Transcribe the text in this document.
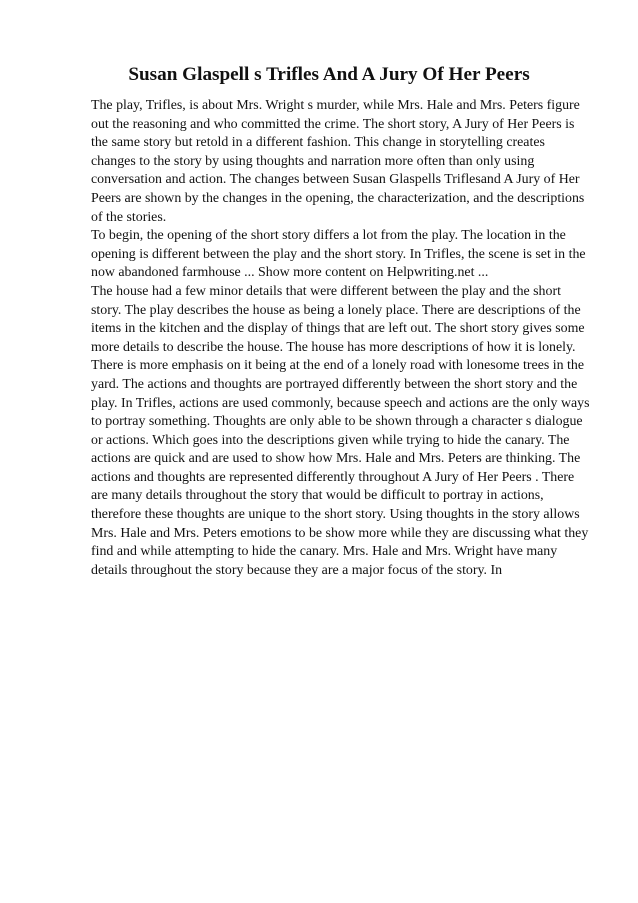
Susan Glaspell s Trifles And A Jury Of Her Peers

The play, Trifles, is about Mrs. Wright s murder, while Mrs. Hale and Mrs. Peters figure out the reasoning and who committed the crime. The short story, A Jury of Her Peers is the same story but retold in a different fashion. This change in storytelling creates changes to the story by using thoughts and narration more often than only using conversation and action. The changes between Susan Glaspells Triflesand A Jury of Her Peers are shown by the changes in the opening, the characterization, and the descriptions of the stories.

To begin, the opening of the short story differs a lot from the play. The location in the opening is different between the play and the short story. In Trifles, the scene is set in the now abandoned farmhouse ... Show more content on Helpwriting.net ...

The house had a few minor details that were different between the play and the short story. The play describes the house as being a lonely place. There are descriptions of the items in the kitchen and the display of things that are left out. The short story gives some more details to describe the house. The house has more descriptions of how it is lonely. There is more emphasis on it being at the end of a lonely road with lonesome trees in the yard. The actions and thoughts are portrayed differently between the short story and the play. In Trifles, actions are used commonly, because speech and actions are the only ways to portray something. Thoughts are only able to be shown through a character s dialogue or actions. Which goes into the descriptions given while trying to hide the canary. The actions are quick and are used to show how Mrs. Hale and Mrs. Peters are thinking. The actions and thoughts are represented differently throughout A Jury of Her Peers . There are many details throughout the story that would be difficult to portray in actions, therefore these thoughts are unique to the short story. Using thoughts in the story allows Mrs. Hale and Mrs. Peters emotions to be show more while they are discussing what they find and while attempting to hide the canary. Mrs. Hale and Mrs. Wright have many details throughout the story because they are a major focus of the story. In
